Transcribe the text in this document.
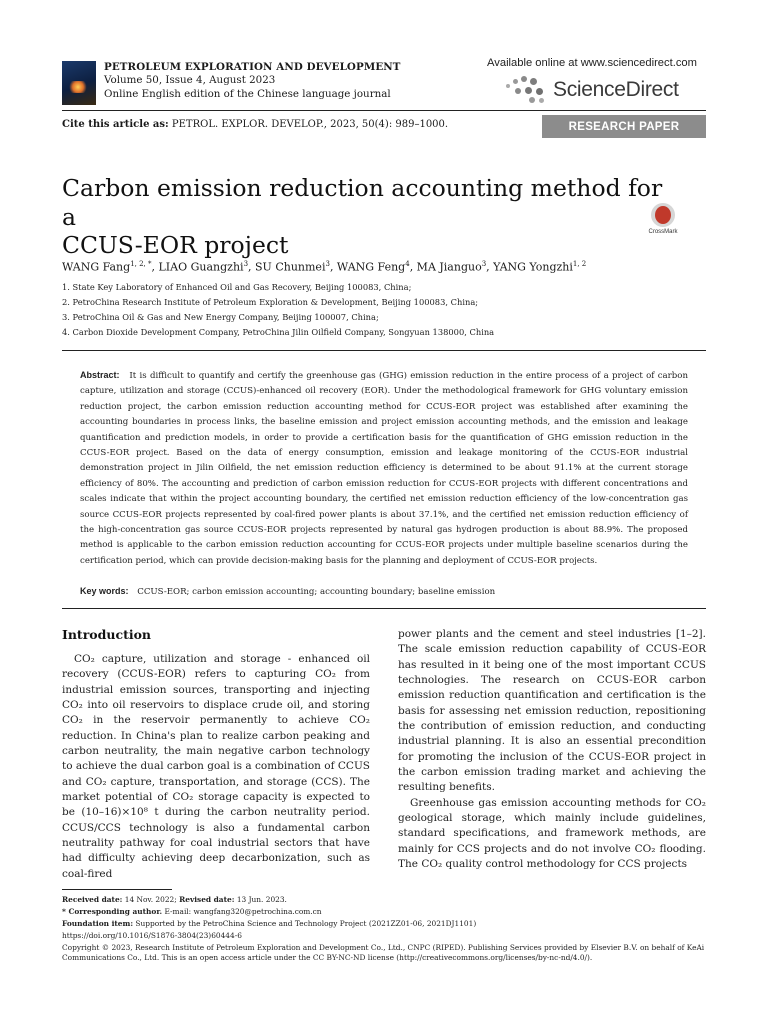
PETROLEUM EXPLORATION AND DEVELOPMENT
Volume 50, Issue 4, August 2023
Online English edition of the Chinese language journal
Available online at www.sciencedirect.com
ScienceDirect
Cite this article as: PETROL. EXPLOR. DEVELOP., 2023, 50(4): 989–1000.	RESEARCH PAPER
Carbon emission reduction accounting method for a
CCUS-EOR project	CrossMark
WANG Fang$^{1, 2, *}$, LIAO Guangzhi$^3$, SU Chunmei$^3$, WANG Feng$^4$, MA Jianguo$^3$, YANG Yongzhi$^{1, 2}$
1. State Key Laboratory of Enhanced Oil and Gas Recovery, Beijing 100083, China;
2. PetroChina Research Institute of Petroleum Exploration & Development, Beijing 100083, China;
3. PetroChina Oil & Gas and New Energy Company, Beijing 100007, China;
4. Carbon Dioxide Development Company, PetroChina Jilin Oilfield Company, Songyuan 138000, China
Abstract: It is difficult to quantify and certify the greenhouse gas (GHG) emission reduction in the entire process of a project of carbon capture, utilization and storage (CCUS)-enhanced oil recovery (EOR). Under the methodological framework for GHG voluntary emission reduction project, the carbon emission reduction accounting method for CCUS-EOR project was established after examining the accounting boundaries in process links, the baseline emission and project emission accounting methods, and the emission and leakage quantification and prediction models, in order to provide a certification basis for the quantification of GHG emission reduction in the CCUS-EOR project. Based on the data of energy consumption, emission and leakage monitoring of the CCUS-EOR industrial demonstration project in Jilin Oilfield, the net emission reduction efficiency is determined to be about 91.1% at the current storage efficiency of 80%. The accounting and prediction of carbon emission reduction for CCUS-EOR projects with different concentrations and scales indicate that within the project accounting boundary, the certified net emission reduction efficiency of the low-concentration gas source CCUS-EOR projects represented by coal-fired power plants is about 37.1%, and the certified net emission reduction efficiency of the high-concentration gas source CCUS-EOR projects represented by natural gas hydrogen production is about 88.9%. The proposed method is applicable to the carbon emission reduction accounting for CCUS-EOR projects under multiple baseline scenarios during the certification period, which can provide decision-making basis for the planning and deployment of CCUS-EOR projects.
Key words: CCUS-EOR; carbon emission accounting; accounting boundary; baseline emission
Introduction

CO₂ capture, utilization and storage - enhanced oil recovery (CCUS-EOR) refers to capturing CO₂ from industrial emission sources, transporting and injecting CO₂ into oil reservoirs to displace crude oil, and storing CO₂ in the reservoir permanently to achieve CO₂ reduction. In China's plan to realize carbon peaking and carbon neutrality, the main negative carbon technology to achieve the dual carbon goal is a combination of CCUS and CO₂ capture, transportation, and storage (CCS). The market potential of CO₂ storage capacity is expected to be (10–16)×10⁸ t during the carbon neutrality period. CCUS/CCS technology is also a fundamental carbon neutrality pathway for coal industrial sectors that have had difficulty achieving deep decarbonization, such as coal-fired

power plants and the cement and steel industries [1–2]. The scale emission reduction capability of CCUS-EOR has resulted in it being one of the most important CCUS technologies. The research on CCUS-EOR carbon emission reduction quantification and certification is the basis for assessing net emission reduction, repositioning the contribution of emission reduction, and conducting industrial planning. It is also an essential precondition for promoting the inclusion of the CCUS-EOR project in the carbon emission trading market and achieving the resulting benefits.

Greenhouse gas emission accounting methods for CO₂ geological storage, which mainly include guidelines, standard specifications, and framework methods, are mainly for CCS projects and do not involve CO₂ flooding. The CO₂ quality control methodology for CCS projects

Received date: 14 Nov. 2022; Revised date: 13 Jun. 2023.
* Corresponding author. E-mail: wangfang320@petrochina.com.cn
Foundation item: Supported by the PetroChina Science and Technology Project (2021ZZ01-06, 2021DJ1101)
https://doi.org/10.1016/S1876-3804(23)60444-6
Copyright © 2023, Research Institute of Petroleum Exploration and Development Co., Ltd., CNPC (RIPED). Publishing Services provided by Elsevier B.V. on behalf of KeAi Communications Co., Ltd. This is an open access article under the CC BY-NC-ND license (http://creativecommons.org/licenses/by-nc-nd/4.0/).
